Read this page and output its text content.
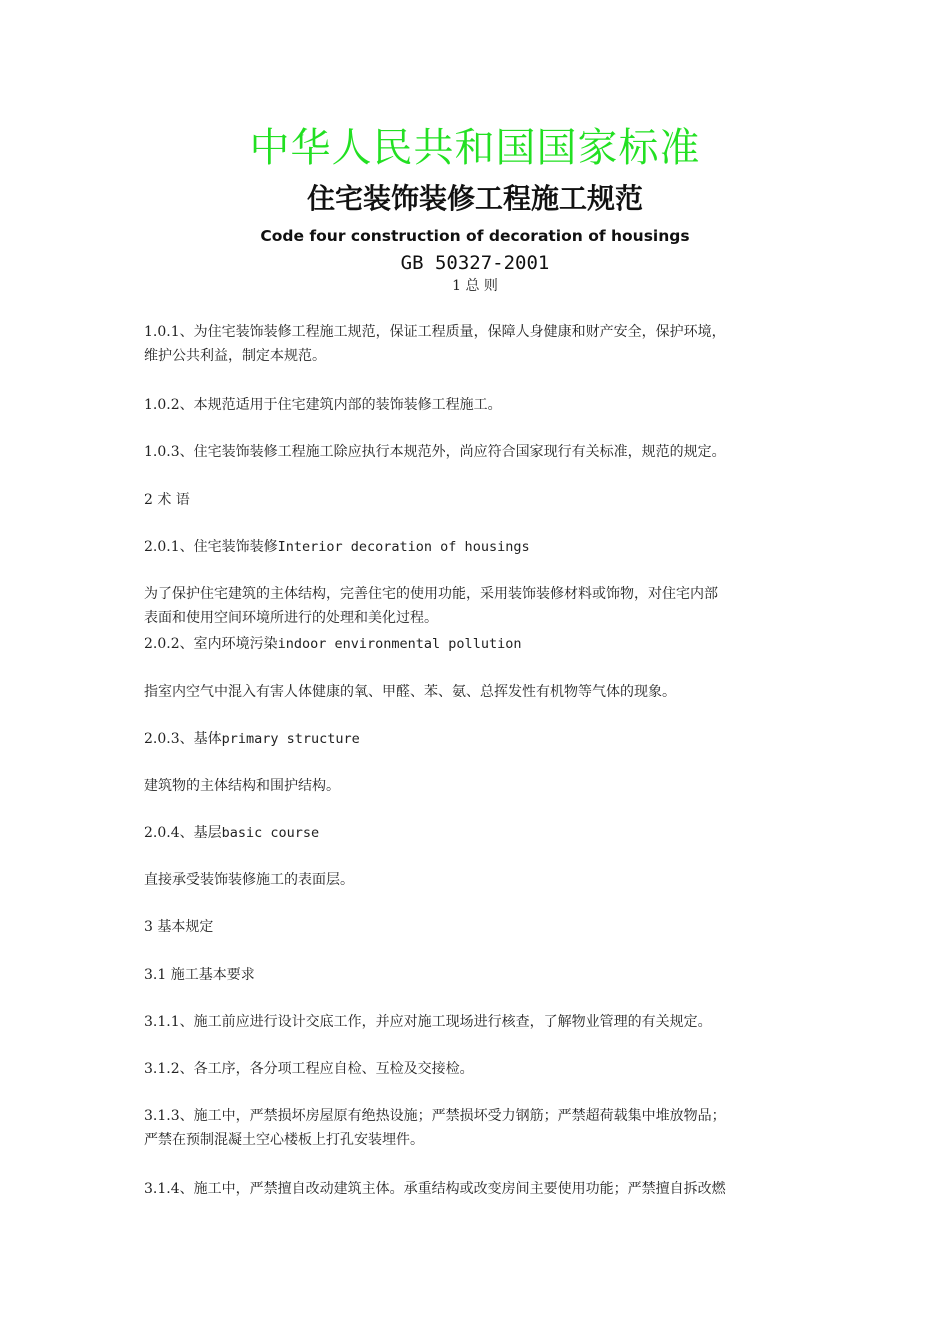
中华人民共和国国家标准
住宅装饰装修工程施工规范
Code four construction of decoration of housings
GB 50327-2001
1 总 则
1.0.1、为住宅装饰装修工程施工规范，保证工程质量，保障人身健康和财产安全，保护环境，
维护公共利益，制定本规范。
1.0.2、本规范适用于住宅建筑内部的装饰装修工程施工。
1.0.3、住宅装饰装修工程施工除应执行本规范外，尚应符合国家现行有关标准，规范的规定。
2 术 语
2.0.1、住宅装饰装修Interior decoration of housings
为了保护住宅建筑的主体结构，完善住宅的使用功能，采用装饰装修材料或饰物，对住宅内部
表面和使用空间环境所进行的处理和美化过程。
2.0.2、室内环境污染indoor environmental pollution
指室内空气中混入有害人体健康的氧、甲醛、苯、氨、总挥发性有机物等气体的现象。
2.0.3、基体primary structure
建筑物的主体结构和围护结构。
2.0.4、基层basic course
直接承受装饰装修施工的表面层。
3 基本规定
3.1 施工基本要求
3.1.1、施工前应进行设计交底工作，并应对施工现场进行核查，了解物业管理的有关规定。
3.1.2、各工序，各分项工程应自检、互检及交接检。
3.1.3、施工中，严禁损坏房屋原有绝热设施；严禁损坏受力钢筋；严禁超荷载集中堆放物品；
严禁在预制混凝土空心楼板上打孔安装埋件。
3.1.4、施工中，严禁擅自改动建筑主体。承重结构或改变房间主要使用功能；严禁擅自拆改燃
